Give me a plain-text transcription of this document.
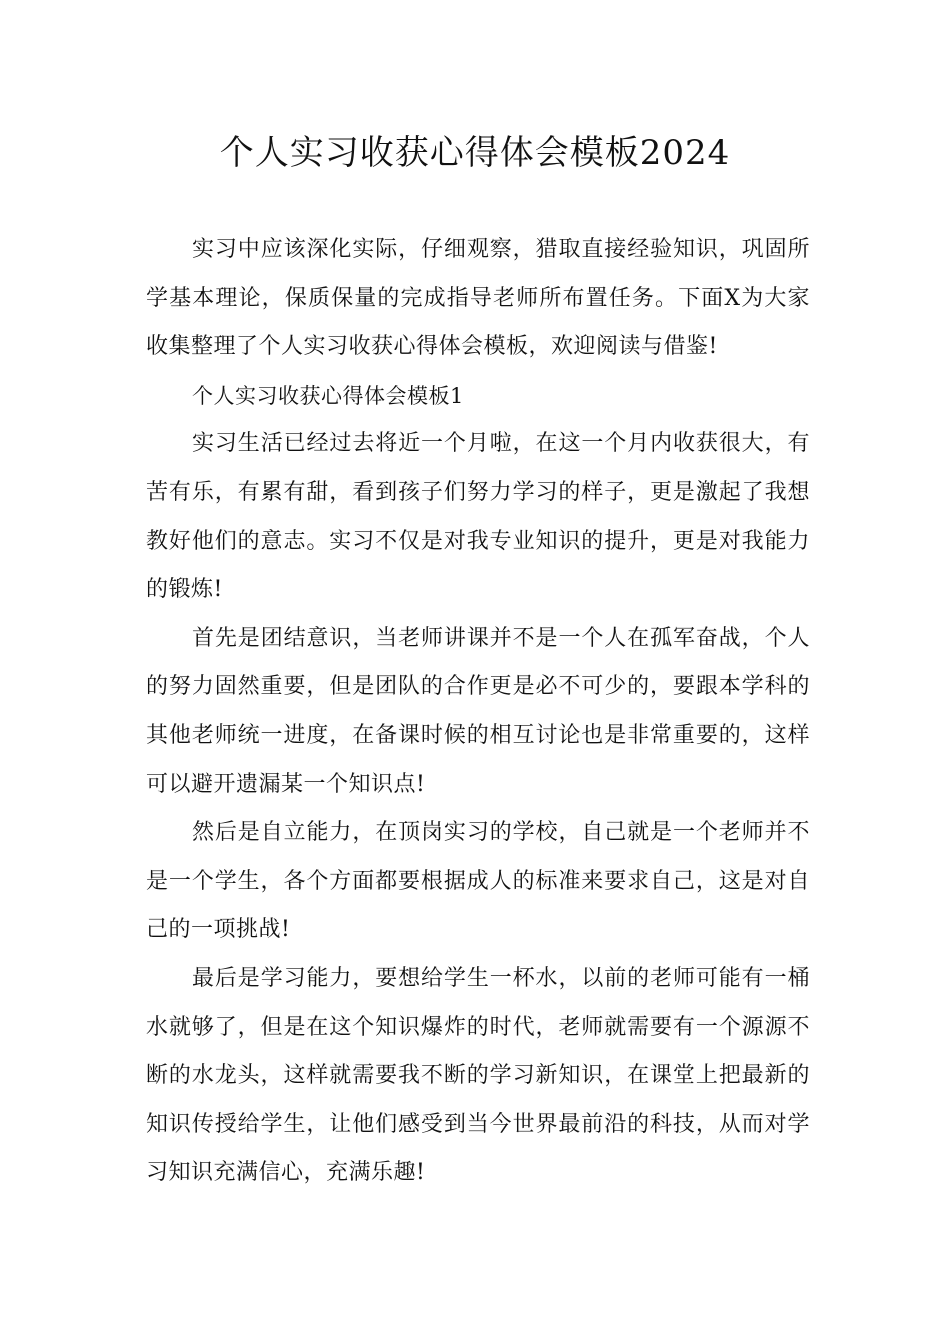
个人实习收获心得体会模板2024

实习中应该深化实际，仔细观察，猎取直接经验知识，巩固所学基本理论，保质保量的完成指导老师所布置任务。下面X为大家收集整理了个人实习收获心得体会模板，欢迎阅读与借鉴!

个人实习收获心得体会模板1

实习生活已经过去将近一个月啦，在这一个月内收获很大，有苦有乐，有累有甜，看到孩子们努力学习的样子，更是激起了我想教好他们的意志。实习不仅是对我专业知识的提升，更是对我能力的锻炼!

首先是团结意识，当老师讲课并不是一个人在孤军奋战，个人的努力固然重要，但是团队的合作更是必不可少的，要跟本学科的其他老师统一进度，在备课时候的相互讨论也是非常重要的，这样可以避开遗漏某一个知识点!

然后是自立能力，在顶岗实习的学校，自己就是一个老师并不是一个学生，各个方面都要根据成人的标准来要求自己，这是对自己的一项挑战!

最后是学习能力，要想给学生一杯水，以前的老师可能有一桶水就够了，但是在这个知识爆炸的时代，老师就需要有一个源源不断的水龙头，这样就需要我不断的学习新知识，在课堂上把最新的知识传授给学生，让他们感受到当今世界最前沿的科技，从而对学习知识充满信心，充满乐趣!
